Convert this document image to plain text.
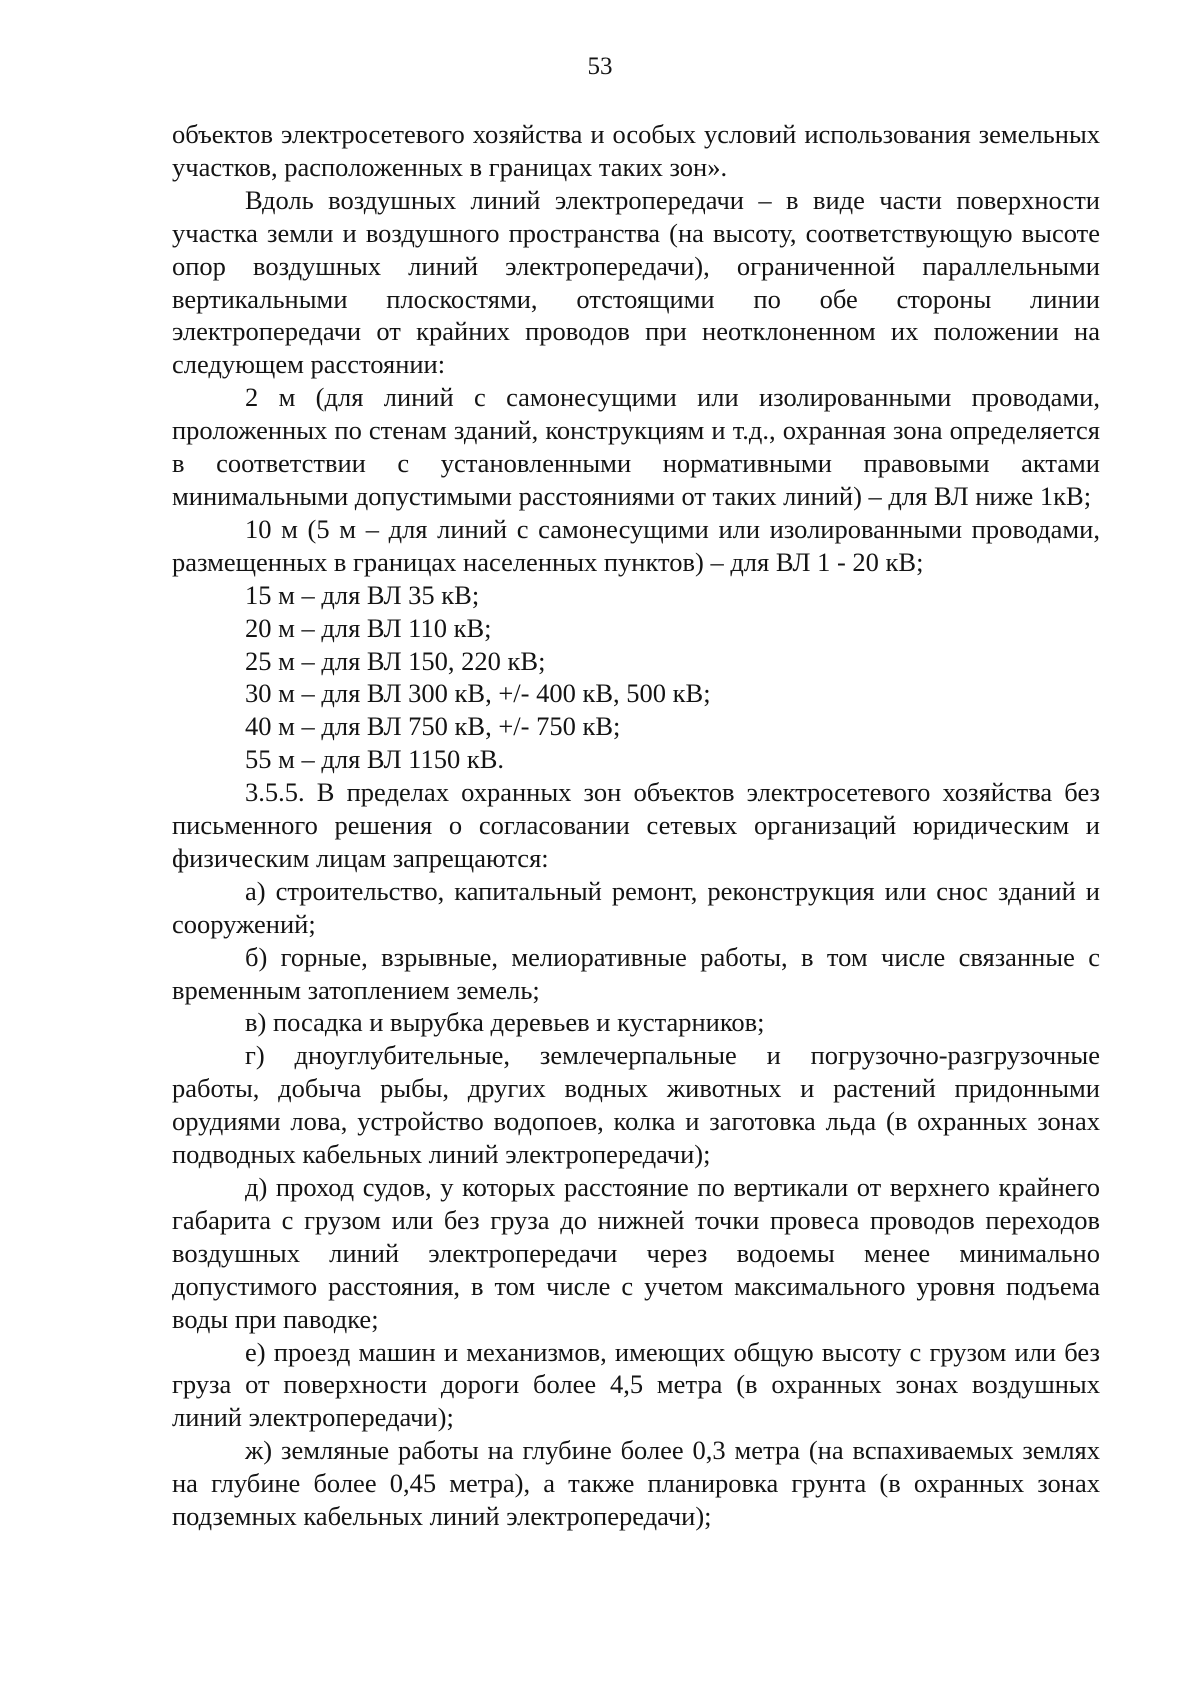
53

объектов электросетевого хозяйства и особых условий использования земельных участков, расположенных в границах таких зон».

Вдоль воздушных линий электропередачи – в виде части поверхности участка земли и воздушного пространства (на высоту, соответствующую высоте опор воздушных линий электропередачи), ограниченной параллельными вертикальными плоскостями, отстоящими по обе стороны линии электропередачи от крайних проводов при неотклоненном их положении на следующем расстоянии:

2 м (для линий с самонесущими или изолированными проводами, проложенных по стенам зданий, конструкциям и т.д., охранная зона определяется в соответствии с установленными нормативными правовыми актами минимальными допустимыми расстояниями от таких линий) – для ВЛ ниже 1кВ;

10 м (5 м – для линий с самонесущими или изолированными проводами, размещенных в границах населенных пунктов) – для ВЛ 1 - 20 кВ;

15 м – для ВЛ 35 кВ;

20 м – для ВЛ 110 кВ;

25 м – для ВЛ 150, 220 кВ;

30 м – для ВЛ 300 кВ, +/- 400 кВ, 500 кВ;

40 м – для ВЛ 750 кВ, +/- 750 кВ;

55 м – для ВЛ 1150 кВ.

3.5.5. В пределах охранных зон объектов электросетевого хозяйства без письменного решения о согласовании сетевых организаций юридическим и физическим лицам запрещаются:

а) строительство, капитальный ремонт, реконструкция или снос зданий и сооружений;

б) горные, взрывные, мелиоративные работы, в том числе связанные с временным затоплением земель;

в) посадка и вырубка деревьев и кустарников;

г) дноуглубительные, землечерпальные и погрузочно-разгрузочные работы, добыча рыбы, других водных животных и растений придонными орудиями лова, устройство водопоев, колка и заготовка льда (в охранных зонах подводных кабельных линий электропередачи);

д) проход судов, у которых расстояние по вертикали от верхнего крайнего габарита с грузом или без груза до нижней точки провеса проводов переходов воздушных линий электропередачи через водоемы менее минимально допустимого расстояния, в том числе с учетом максимального уровня подъема воды при паводке;

е) проезд машин и механизмов, имеющих общую высоту с грузом или без груза от поверхности дороги более 4,5 метра (в охранных зонах воздушных линий электропередачи);

ж) земляные работы на глубине более 0,3 метра (на вспахиваемых землях на глубине более 0,45 метра), а также планировка грунта (в охранных зонах подземных кабельных линий электропередачи);
